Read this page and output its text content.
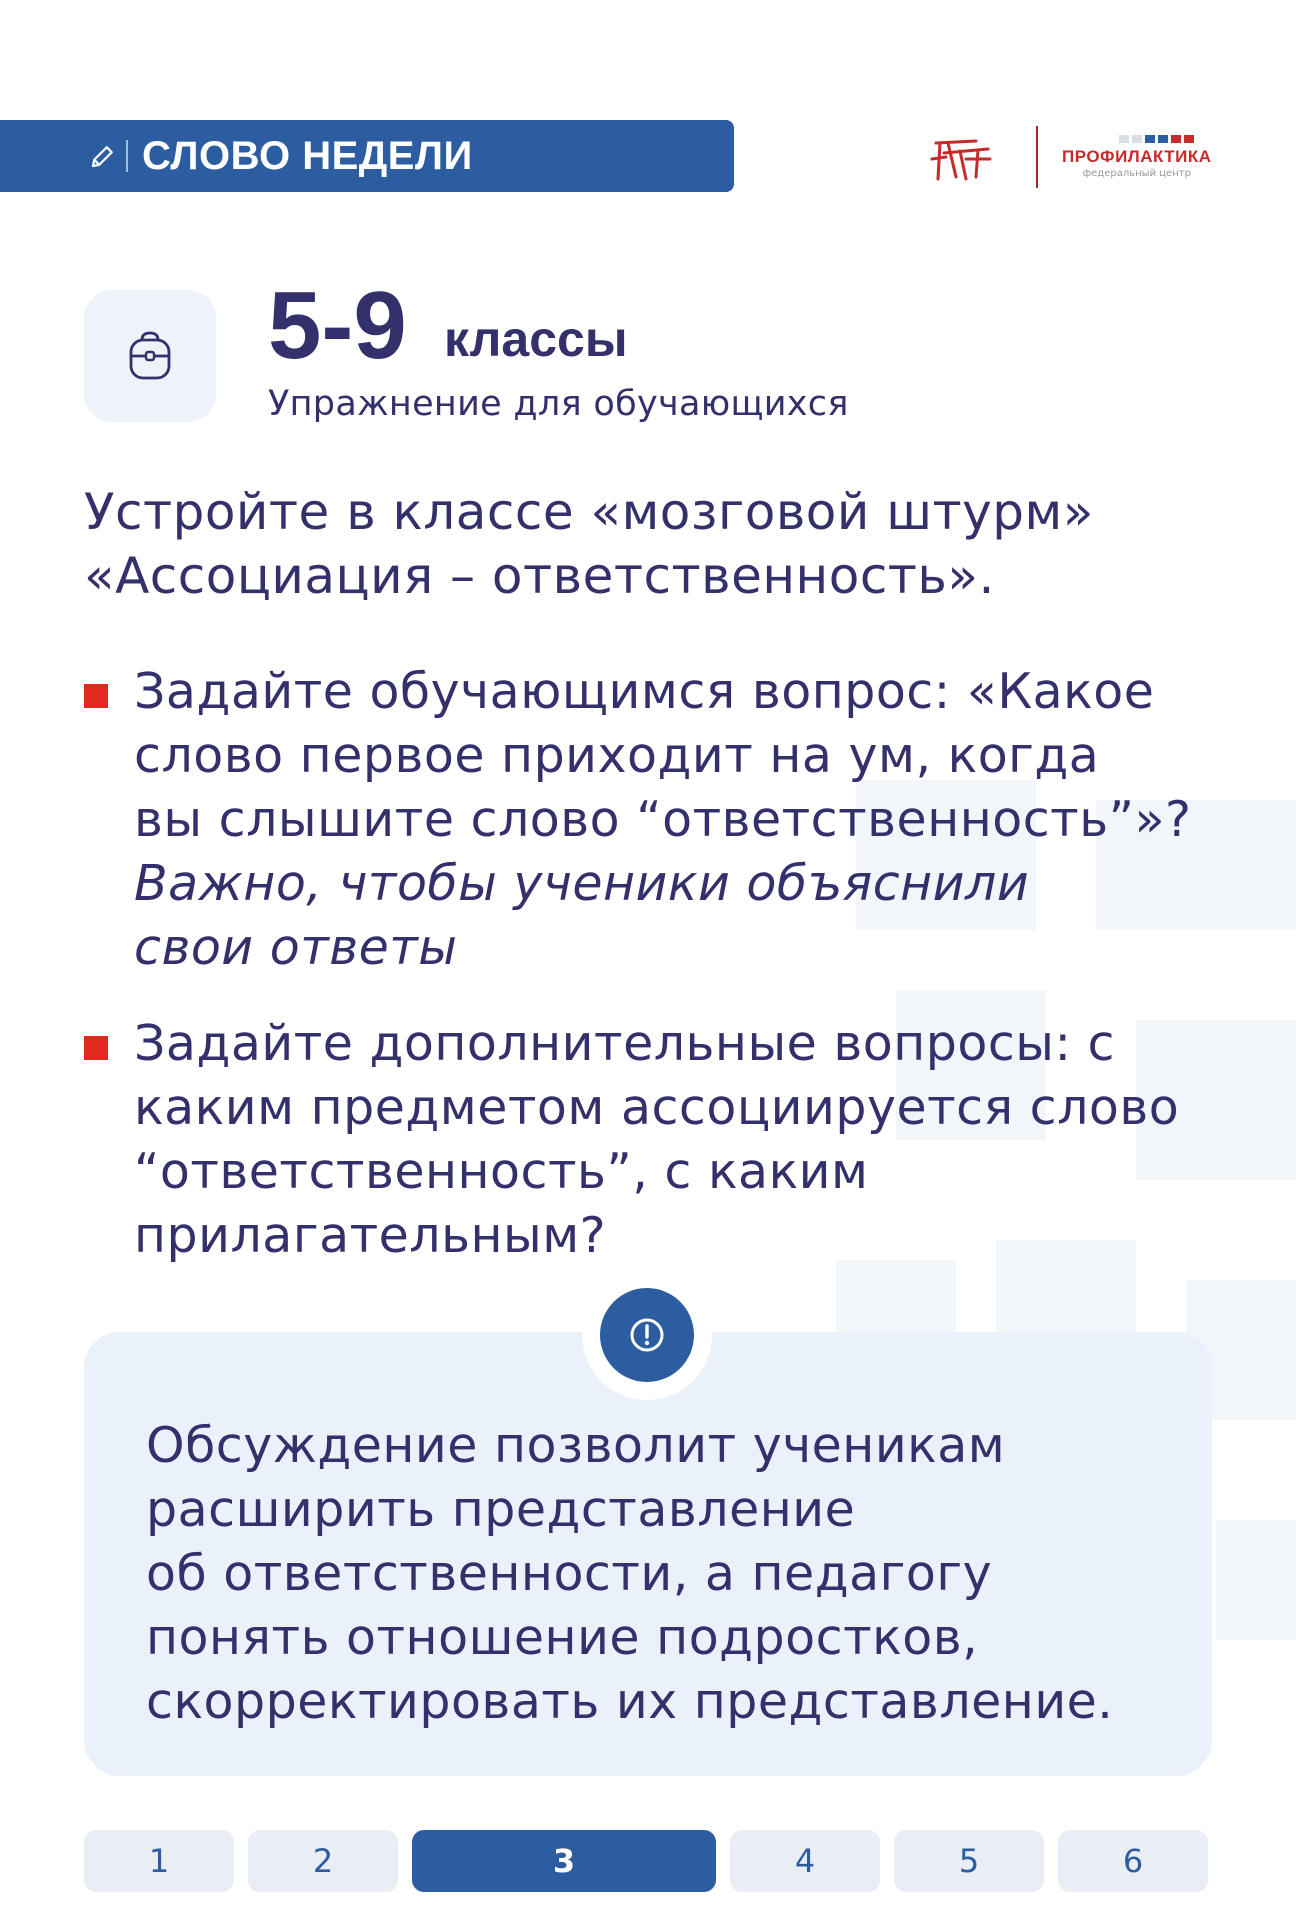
СЛОВО НЕДЕЛИ	ПРОФИЛАКТИКА
федеральный центр
5-9 классы
Упражнение для обучающихся
Устройте в классе «мозговой штурм»
«Ассоциация – ответственность».
Задайте обучающимся вопрос: «Какое
слово первое приходит на ум, когда
вы слышите слово “ответственность”»?
Важно, чтобы ученики объяснили
свои ответы
Задайте дополнительные вопросы: с
каким предметом ассоциируется слово
“ответственность”, с каким
прилагательным?
Обсуждение позволит ученикам
расширить представление
об ответственности, а педагогу
понять отношение подростков,
скорректировать их представление.
1	2	3	4	5	6
